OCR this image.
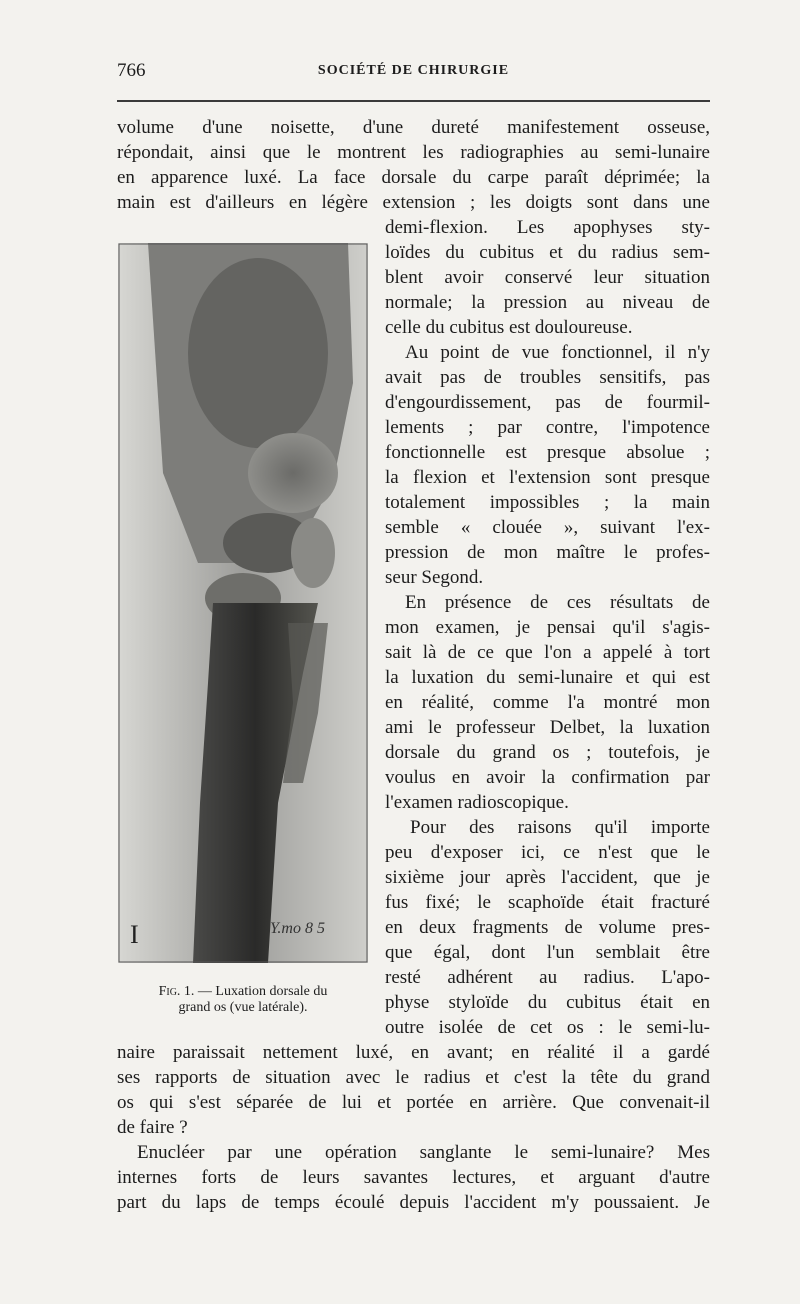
766	SOCIÉTÉ DE CHIRURGIE
volume d'une noisette, d'une dureté manifestement osseuse,
répondait, ainsi que le montrent les radiographies au semi-lunaire
en apparence luxé. La face dorsale du carpe paraît déprimée; la
main est d'ailleurs en légère extension ; les doigts sont dans une
I	Y.mo 8 5
Fig. 1. — Luxation dorsale du
grand os (vue latérale).
demi-flexion. Les apophyses sty-
loïdes du cubitus et du radius sem-
blent avoir conservé leur situation
normale; la pression au niveau de
celle du cubitus est douloureuse.
Au point de vue fonctionnel, il n'y
avait pas de troubles sensitifs, pas
d'engourdissement, pas de fourmil-
lements ; par contre, l'impotence
fonctionnelle est presque absolue ;
la flexion et l'extension sont presque
totalement impossibles ; la main
semble « clouée », suivant l'ex-
pression de mon maître le profes-
seur Segond.
En présence de ces résultats de
mon examen, je pensai qu'il s'agis-
sait là de ce que l'on a appelé à tort
la luxation du semi-lunaire et qui est
en réalité, comme l'a montré mon
ami le professeur Delbet, la luxation
dorsale du grand os ; toutefois, je
voulus en avoir la confirmation par
l'examen radioscopique.
Pour des raisons qu'il importe
peu d'exposer ici, ce n'est que le
sixième jour après l'accident, que je
fus fixé; le scaphoïde était fracturé
en deux fragments de volume pres-
que égal, dont l'un semblait être
resté adhérent au radius. L'apo-
physe styloïde du cubitus était en
outre isolée de cet os : le semi-lu-
naire paraissait nettement luxé, en avant; en réalité il a gardé
ses rapports de situation avec le radius et c'est la tête du grand
os qui s'est séparée de lui et portée en arrière. Que convenait-il
de faire ?
Enucléer par une opération sanglante le semi-lunaire? Mes
internes forts de leurs savantes lectures, et arguant d'autre
part du laps de temps écoulé depuis l'accident m'y poussaient. Je
